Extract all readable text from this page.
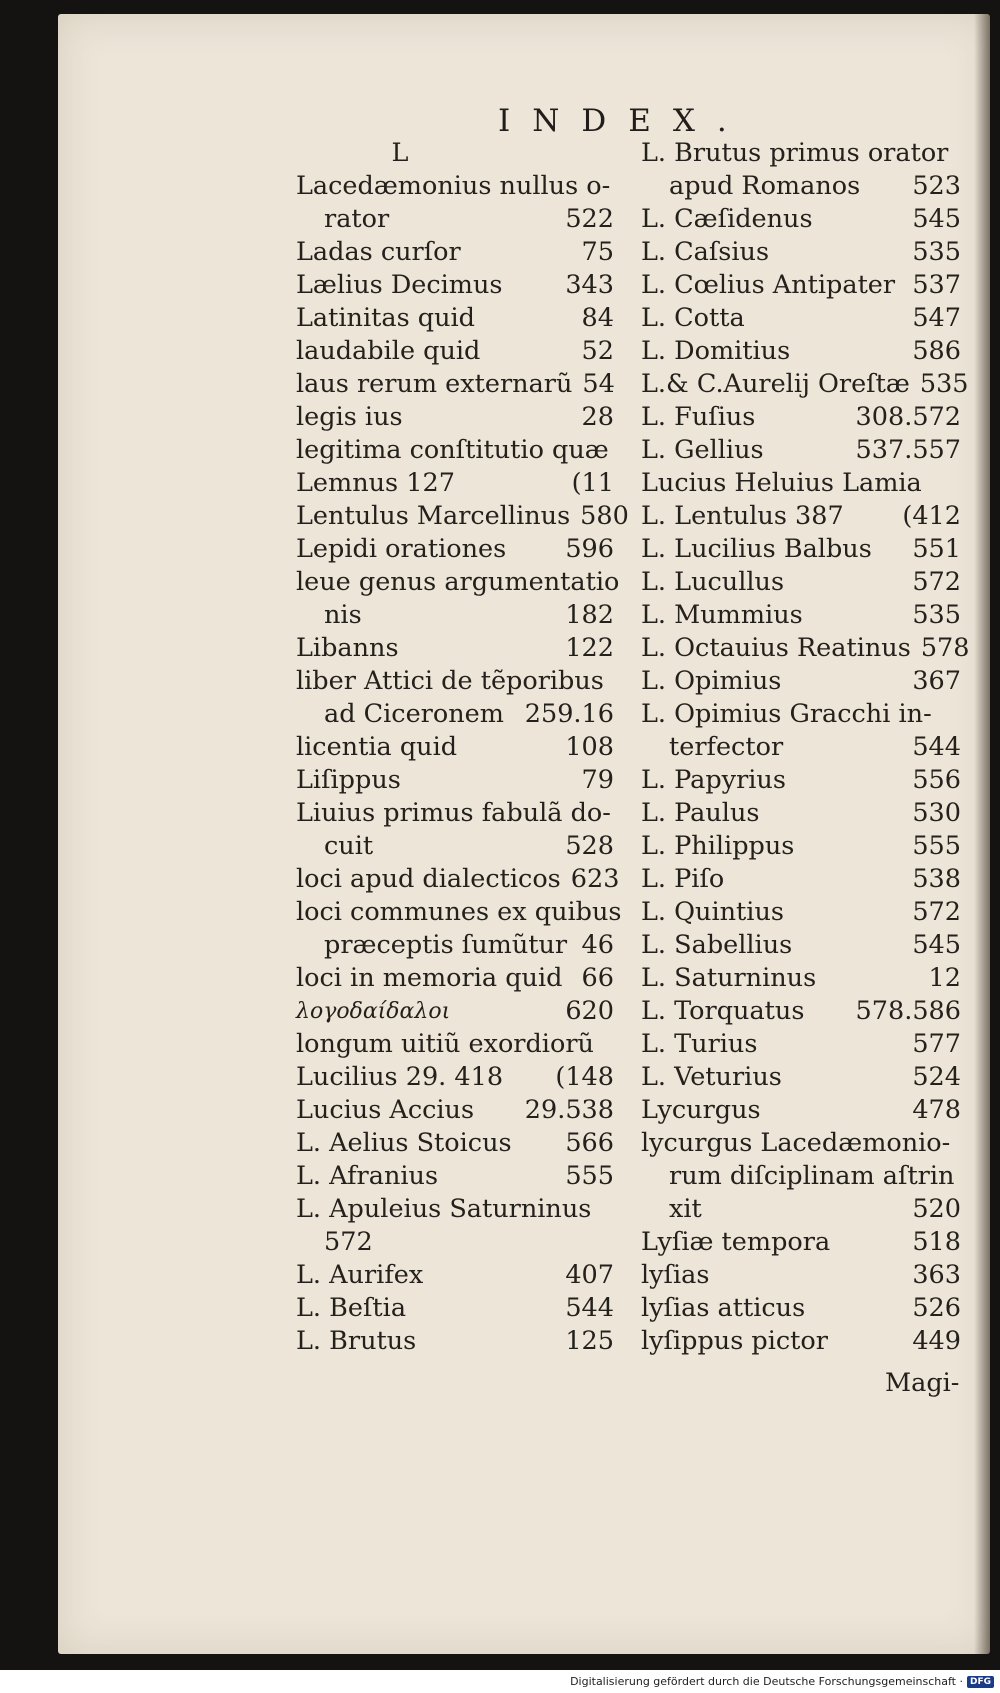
INDEX.
L
Lacedæmonius nullus o-
rator	522
Ladas curſor	75
Lælius Decimus	343
Latinitas quid	84
laudabile quid	52
laus rerum externarũ 54
legis ius	28
legitima conſtitutio quæ
Lemnus 127	(11
Lentulus Marcellinus 580
Lepidi orationes	596
leue genus argumentatio
nis	182
Libanns	122
liber Attici de tẽporibus
ad Ciceronem 259.16
licentia quid	108
Liſippus	79
Liuius primus fabulã do-
cuit	528
loci apud dialecticos 623
loci communes ex quibus
præceptis ſumũtur 46
loci in memoria quid 66
λογοδαίδαλοι	620
longum uitiũ exordiorũ
Lucilius 29. 418	(148
Lucius Accius	29.538
L. Aelius Stoicus	566
L. Afranius	555
L. Apuleius Saturninus
572
L. Aurifex	407
L. Beſtia	544
L. Brutus	125
L. Brutus primus orator
apud Romanos	523
L. Cæſidenus	545
L. Caſsius	535
L. Cœlius Antipater 537
L. Cotta	547
L. Domitius	586
L.& C.Aurelij Oreſtæ 535
L. Fuſius	308.572
L. Gellius	537.557
Lucius Heluius Lamia
L. Lentulus 387	(412
L. Lucilius Balbus	551
L. Lucullus	572
L. Mummius	535
L. Octauius Reatinus 578
L. Opimius	367
L. Opimius Gracchi in-
terfector	544
L. Papyrius	556
L. Paulus	530
L. Philippus	555
L. Piſo	538
L. Quintius	572
L. Sabellius	545
L. Saturninus	12
L. Torquatus	578.586
L. Turius	577
L. Veturius	524
Lycurgus	478
lycurgus Lacedæmonio-
rum diſciplinam aſtrin
xit	520
Lyſiæ tempora	518
lyſias	363
lyſias atticus	526
lyſippus pictor	449
Magi-
Digitalisierung gefördert durch die Deutsche Forschungsgemeinschaft · DFG
